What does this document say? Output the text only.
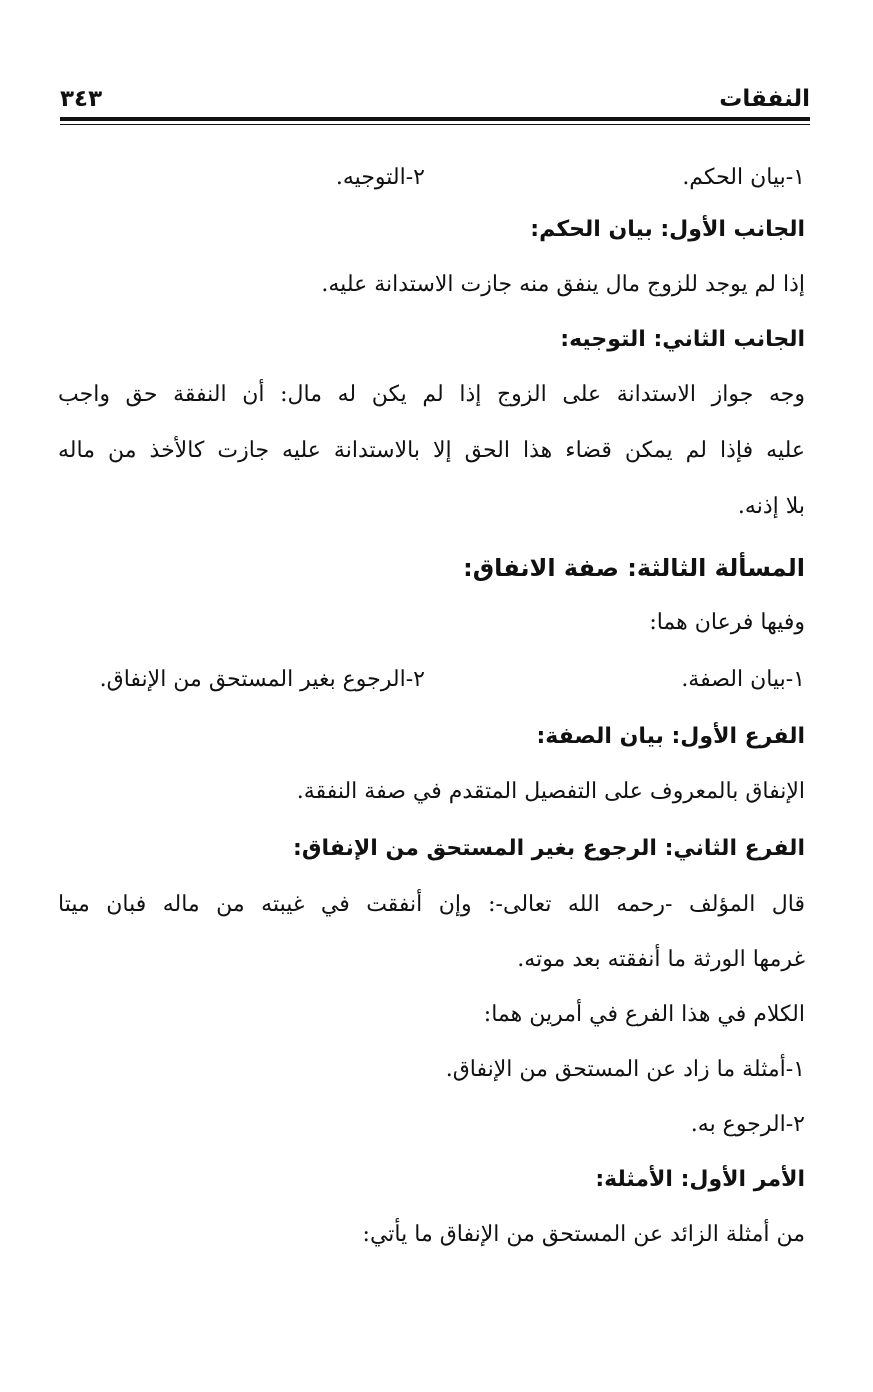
النفقات
٣٤٣
١-بيان الحكم.
٢-التوجيه.
الجانب الأول: بيان الحكم:
إذا لم يوجد للزوج مال ينفق منه جازت الاستدانة عليه.
الجانب الثاني: التوجيه:
وجه جواز الاستدانة على الزوج إذا لم يكن له مال: أن النفقة حق واجب
عليه فإذا لم يمكن قضاء هذا الحق إلا بالاستدانة عليه جازت كالأخذ من ماله
بلا إذنه.
المسألة الثالثة: صفة الانفاق:
وفيها فرعان هما:
١-بيان الصفة.
٢-الرجوع بغير المستحق من الإنفاق.
الفرع الأول: بيان الصفة:
الإنفاق بالمعروف على التفصيل المتقدم في صفة النفقة.
الفرع الثاني: الرجوع بغير المستحق من الإنفاق:
قال المؤلف -رحمه الله تعالى-: وإن أنفقت في غيبته من ماله فبان ميتا
غرمها الورثة ما أنفقته بعد موته.
الكلام في هذا الفرع في أمرين هما:
١-أمثلة ما زاد عن المستحق من الإنفاق.
٢-الرجوع به.
الأمر الأول: الأمثلة:
من أمثلة الزائد عن المستحق من الإنفاق ما يأتي:
